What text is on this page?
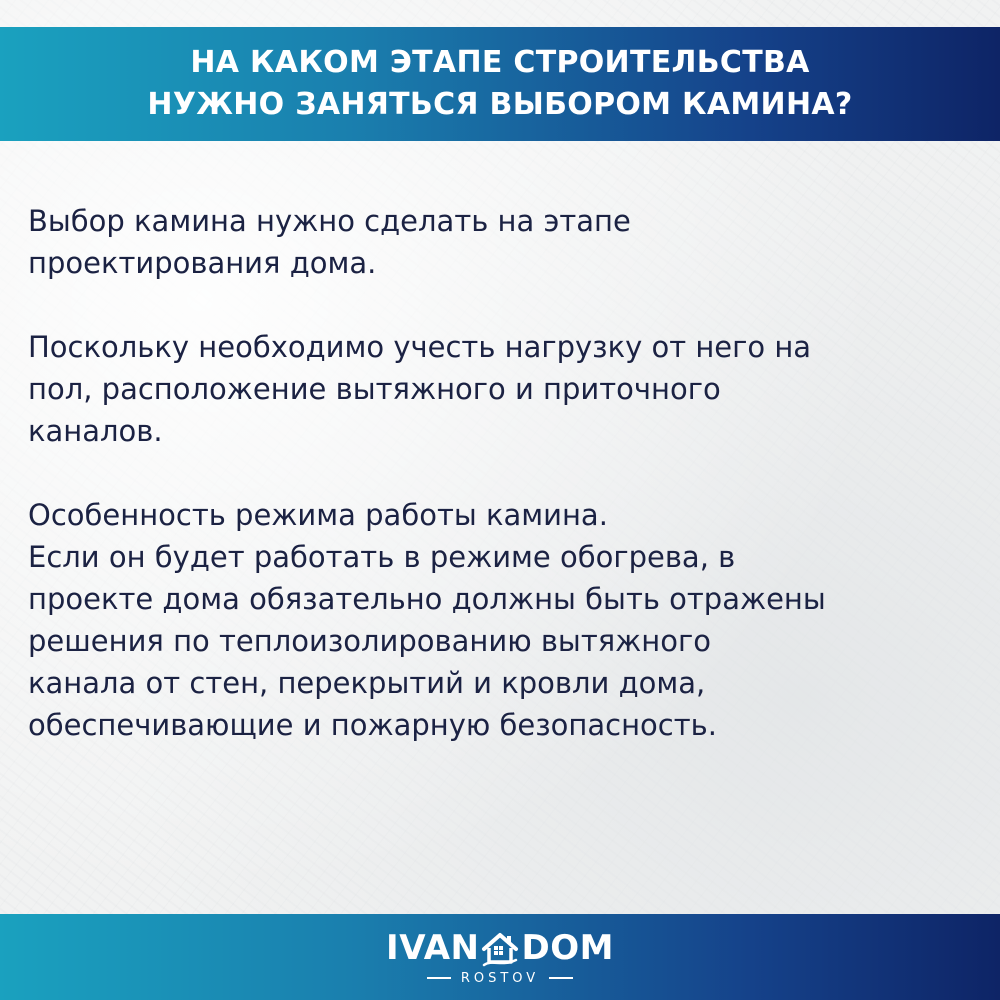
НА КАКОМ ЭТАПЕ СТРОИТЕЛЬСТВА
НУЖНО ЗАНЯТЬСЯ ВЫБОРОМ КАМИНА?

Выбор камина нужно сделать на этапе
проектирования дома.

Поскольку необходимо учесть нагрузку от него на
пол, расположение вытяжного и приточного
каналов.

Особенность режима работы камина.
Если он будет работать в режиме обогрева, в
проекте дома обязательно должны быть отражены
решения по теплоизолированию вытяжного
канала от стен, перекрытий и кровли дома,
обеспечивающие и пожарную безопасность.

IVAN DOM
ROSTOV
